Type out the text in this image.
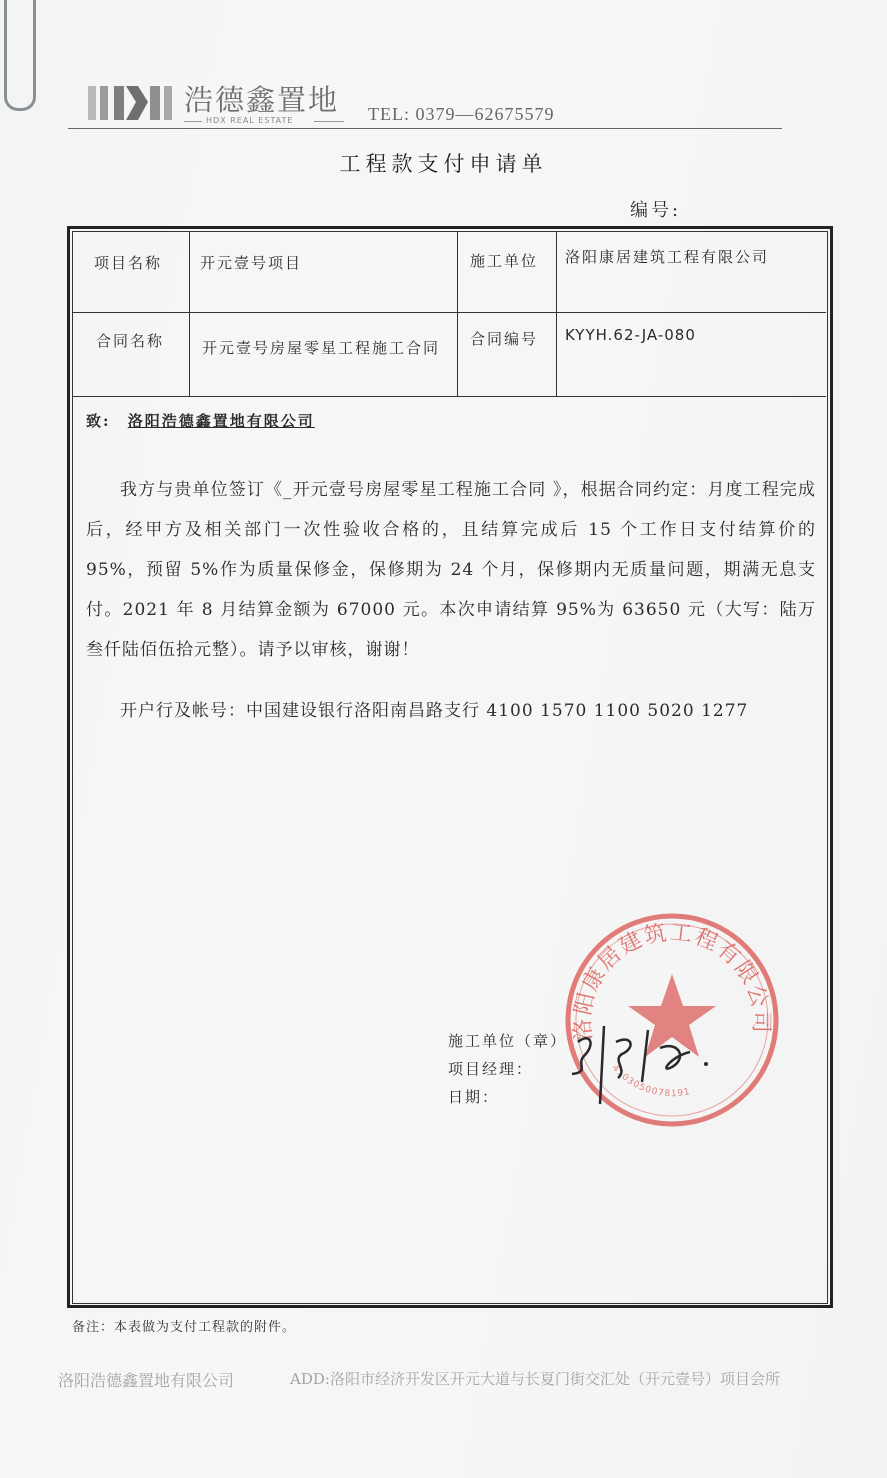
浩德鑫置地
HDX REAL ESTATE	TEL: 0379—62675579
工程款支付申请单
编号:
项目名称	开元壹号项目	施工单位 洛阳康居建筑工程有限公司
合同名称	开元壹号房屋零星工程施工合同	合同编号 KYYH.62-JA-080
致: 洛阳浩德鑫置地有限公司
我方与贵单位签订《_开元壹号房屋零星工程施工合同 》，根据合同约定：月度工程完成后，经甲方及相关部门一次性验收合格的，且结算完成后 15 个工作日支付结算价的 95%，预留 5%作为质量保修金，保修期为 24 个月，保修期内无质量问题，期满无息支付。2021 年 8 月结算金额为 67000 元。本次申请结算 95%为 63650 元（大写：陆万叁仟陆佰伍拾元整）。请予以审核，谢谢！
开户行及帐号：中国建设银行洛阳南昌路支行 4100 1570 1100 5020 1277
施工单位（章）
项目经理：
日期：
洛阳康居建筑工程有限公司
4103050078191
备注：本表做为支付工程款的附件。
洛阳浩德鑫置地有限公司	ADD:洛阳市经济开发区开元大道与长夏门街交汇处（开元壹号）项目会所
